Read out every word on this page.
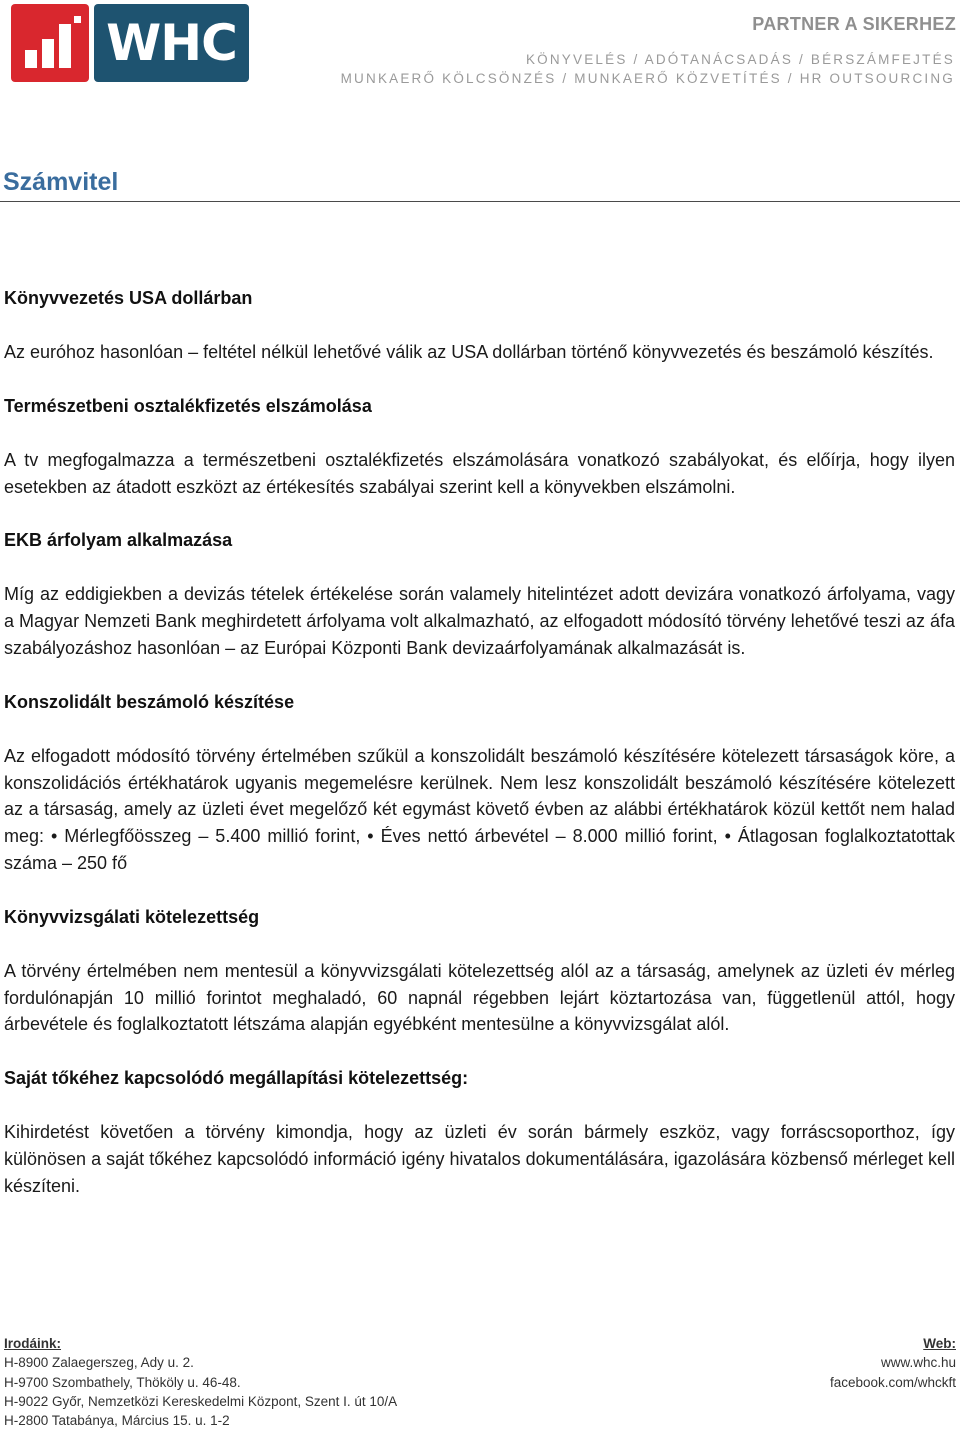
WHC	PARTNER A SIKERHEZ
KÖNYVELÉS / ADÓTANÁCSADÁS / BÉRSZÁMFEJTÉS
MUNKAERŐ KÖLCSÖNZÉS / MUNKAERŐ KÖZVETÍTÉS / HR OUTSOURCING
Számvitel
Könyvvezetés USA dollárban

Az euróhoz hasonlóan – feltétel nélkül lehetővé válik az USA dollárban történő könyvvezetés és beszámoló készítés.

Természetbeni osztalékfizetés elszámolása

A tv megfogalmazza a természetbeni osztalékfizetés elszámolására vonatkozó szabályokat, és előírja, hogy ilyen esetekben az átadott eszközt az értékesítés szabályai szerint kell a könyvekben elszámolni.

EKB árfolyam alkalmazása

Míg az eddigiekben a devizás tételek értékelése során valamely hitelintézet adott devizára vonatkozó árfolyama, vagy a Magyar Nemzeti Bank meghirdetett árfolyama volt alkalmazható, az elfogadott módosító törvény lehetővé teszi az áfa szabályozáshoz hasonlóan – az Európai Központi Bank devizaárfolyamának alkalmazását is.

Konszolidált beszámoló készítése

Az elfogadott módosító törvény értelmében szűkül a konszolidált beszámoló készítésére kötelezett társaságok köre, a konszolidációs értékhatárok ugyanis megemelésre kerülnek. Nem lesz konszolidált beszámoló készítésére kötelezett az a társaság, amely az üzleti évet megelőző két egymást követő évben az alábbi értékhatárok közül kettőt nem halad meg: • Mérlegfőösszeg – 5.400 millió forint, • Éves nettó árbevétel – 8.000 millió forint, • Átlagosan foglalkoztatottak száma – 250 fő

Könyvvizsgálati kötelezettség

A törvény értelmében nem mentesül a könyvvizsgálati kötelezettség alól az a társaság, amelynek az üzleti év mérleg fordulónapján 10 millió forintot meghaladó, 60 napnál régebben lejárt köztartozása van, függetlenül attól, hogy árbevétele és foglalkoztatott létszáma alapján egyébként mentesülne a könyvvizsgálat alól.

Saját tőkéhez kapcsolódó megállapítási kötelezettség:

Kihirdetést követően a törvény kimondja, hogy az üzleti év során bármely eszköz, vagy forráscsoporthoz, így különösen a saját tőkéhez kapcsolódó információ igény hivatalos dokumentálására, igazolására közbenső mérleget kell készíteni.

Irodáink:
H-8900 Zalaegerszeg, Ady u. 2.
H-9700 Szombathely, Thököly u. 46-48.
H-9022 Győr, Nemzetközi Kereskedelmi Központ, Szent I. út 10/A
H-2800 Tatabánya, Március 15. u. 1-2
Web:
www.whc.hu
facebook.com/whckft
